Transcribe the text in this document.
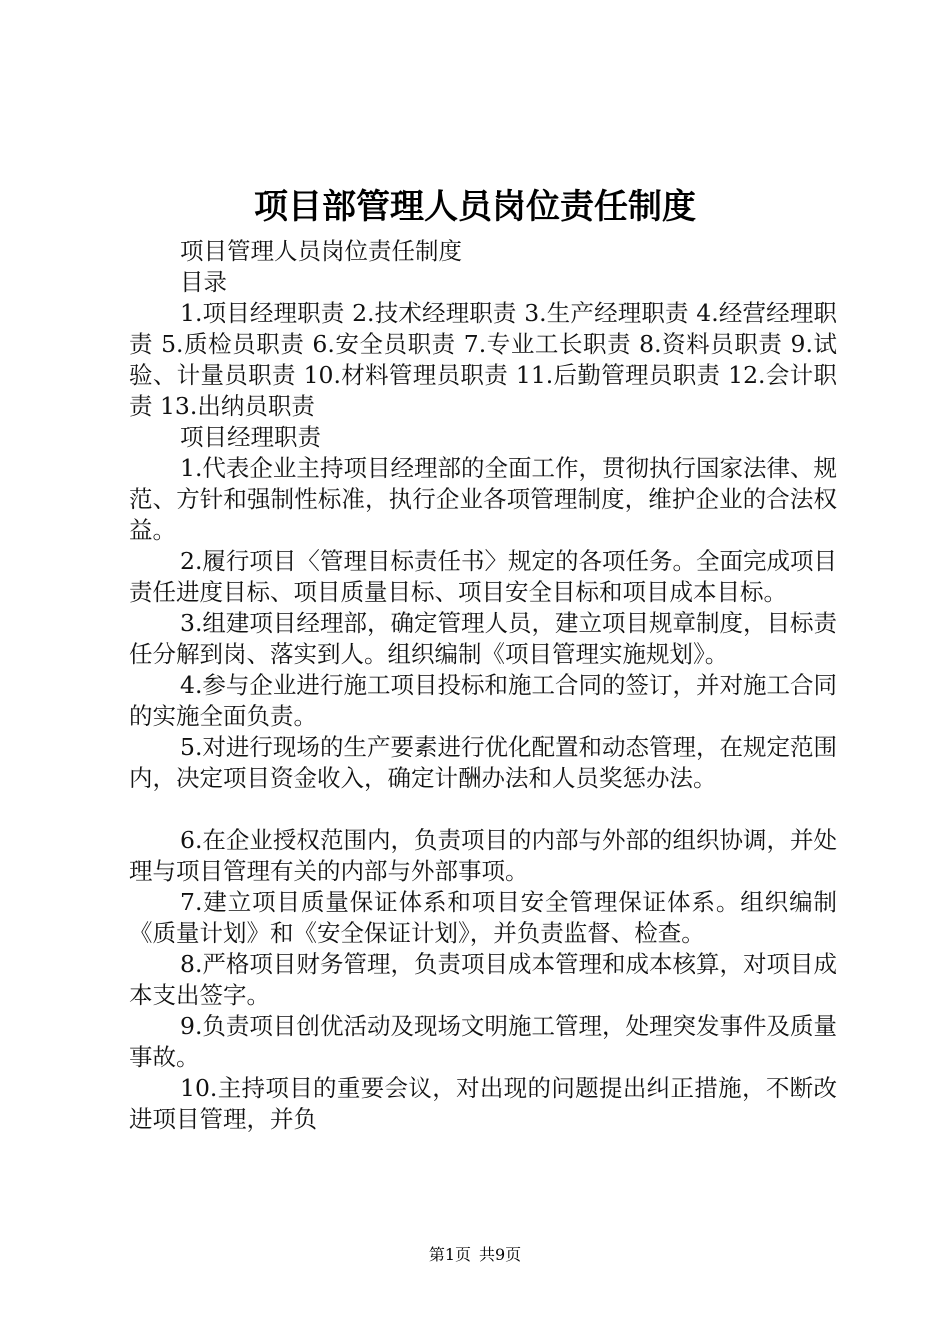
项目部管理人员岗位责任制度

项目管理人员岗位责任制度

目录

1.项目经理职责 2.技术经理职责 3.生产经理职责 4.经营经理职责 5.质检员职责 6.安全员职责 7.专业工长职责 8.资料员职责 9.试验、计量员职责 10.材料管理员职责 11.后勤管理员职责 12.会计职责 13.出纳员职责

项目经理职责

1.代表企业主持项目经理部的全面工作，贯彻执行国家法律、规范、方针和强制性标准，执行企业各项管理制度，维护企业的合法权益。

2.履行项目〈管理目标责任书〉规定的各项任务。全面完成项目责任进度目标、项目质量目标、项目安全目标和项目成本目标。

3.组建项目经理部，确定管理人员，建立项目规章制度，目标责任分解到岗、落实到人。组织编制《项目管理实施规划》。

4.参与企业进行施工项目投标和施工合同的签订，并对施工合同的实施全面负责。

5.对进行现场的生产要素进行优化配置和动态管理，在规定范围内，决定项目资金收入，确定计酬办法和人员奖惩办法。

6.在企业授权范围内，负责项目的内部与外部的组织协调，并处理与项目管理有关的内部与外部事项。

7.建立项目质量保证体系和项目安全管理保证体系。组织编制《质量计划》和《安全保证计划》，并负责监督、检查。

8.严格项目财务管理，负责项目成本管理和成本核算，对项目成本支出签字。

9.负责项目创优活动及现场文明施工管理，处理突发事件及质量事故。

10.主持项目的重要会议，对出现的问题提出纠正措施，不断改进项目管理，并负

第1页 共9页
